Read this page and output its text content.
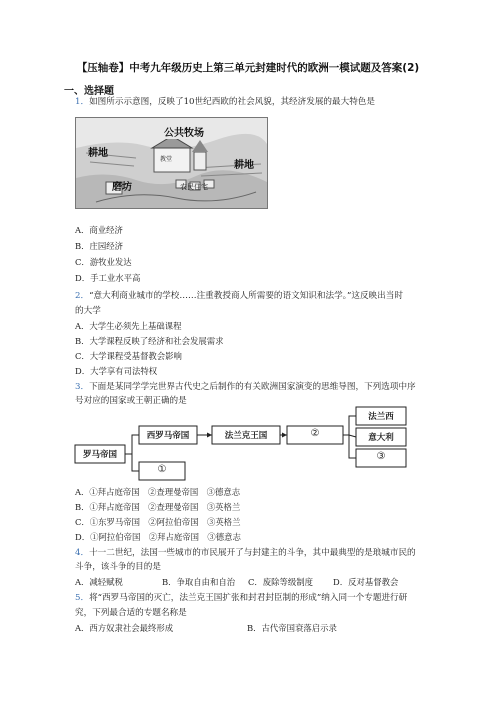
【压轴卷】中考九年级历史上第三单元封建时代的欧洲一模试题及答案(2)
一、选择题
1．如图所示示意图，反映了10世纪西欧的社会风貌，其经济发展的最大特色是
公共牧场
耕地
耕地
磨坊	农民住宅
教堂
A．商业经济
B．庄园经济
C．游牧业发达
D．手工业水平高
2．“意大利商业城市的学校……注重教授商人所需要的语文知识和法学。”这反映出当时
的大学
A．大学生必须先上基础课程
B．大学课程反映了经济和社会发展需求
C．大学课程受基督教会影响
D．大学享有司法特权
3．下面是某同学学完世界古代史之后制作的有关欧洲国家演变的思维导图，下列选项中序
号对应的国家或王朝正确的是
罗马帝国
西罗马帝国
①
法兰克王国	②
法兰西
意大利
③
A．①拜占庭帝国　②查理曼帝国　③德意志
B．①拜占庭帝国　②查理曼帝国　③英格兰
C．①东罗马帝国　②阿拉伯帝国　③英格兰
D．①阿拉伯帝国　②拜占庭帝国　③德意志
4．十一二世纪，法国一些城市的市民展开了与封建主的斗争，其中最典型的是琅城市民的
斗争，该斗争的目的是
A．减轻赋税	B．争取自由和自治 C．废除等级制度 D．反对基督教会
5．将“西罗马帝国的灭亡，法兰克王国扩张和封君封臣制的形成”纳入同一个专题进行研
究，下列最合适的专题名称是
A．西方奴隶社会最终形成	B．古代帝国衰落启示录
